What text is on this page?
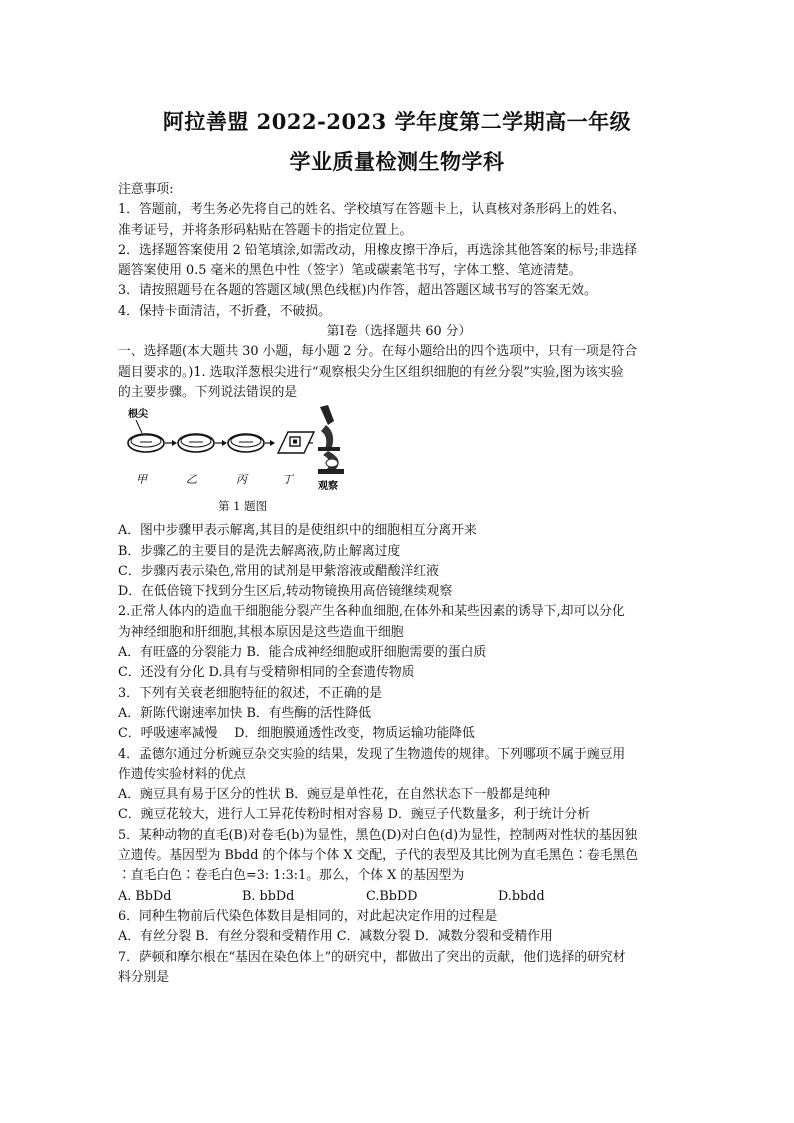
阿拉善盟 2022-2023 学年度第二学期高一年级
学业质量检测生物学科
注意事项:
1．答题前，考生务必先将自己的姓名、学校填写在答题卡上，认真核对条形码上的姓名、
准考证号，并将条形码粘贴在答题卡的指定位置上。
2．选择题答案使用 2 铅笔填涂,如需改动，用橡皮擦干净后，再选涂其他答案的标号;非选择
题答案使用 0.5 毫米的黑色中性（签字）笔或碳素笔书写，字体工整、笔迹清楚。
3．请按照题号在各题的答题区域(黑色线框)内作答，超出答题区域书写的答案无效。
4．保持卡面清洁，不折叠，不破损。
第Ⅰ卷（选择题共 60 分）
一、选择题(本大题共 30 小题，每小题 2 分。在每小题给出的四个选项中，只有一项是符合
题目要求的。)1. 选取洋葱根尖进行“观察根尖分生区组织细胞的有丝分裂”实验,图为该实验
的主要步骤。下列说法错误的是
根尖
甲	乙	丙	丁
观察
第 1 题图
A．图中步骤甲表示解离,其目的是使组织中的细胞相互分离开来
B．步骤乙的主要目的是洗去解离液,防止解离过度
C．步骤丙表示染色,常用的试剂是甲紫溶液或醋酸洋红液
D．在低倍镜下找到分生区后,转动物镜换用高倍镜继续观察
2.正常人体内的造血干细胞能分裂产生各种血细胞,在体外和某些因素的诱导下,却可以分化
为神经细胞和肝细胞,其根本原因是这些造血干细胞
A．有旺盛的分裂能力 B．能合成神经细胞或肝细胞需要的蛋白质
C．还没有分化 D.具有与受精卵相同的全套遗传物质
3．下列有关衰老细胞特征的叙述，不正确的是
A．新陈代谢速率加快 B．有些酶的活性降低
C．呼吸速率减慢　 D．细胞膜通透性改变，物质运输功能降低
4．孟德尔通过分析豌豆杂交实验的结果，发现了生物遗传的规律。下列哪项不属于豌豆用
作遗传实验材料的优点
A．豌豆具有易于区分的性状 B．豌豆是单性花，在自然状态下一般都是纯种
C．豌豆花较大，进行人工异花传粉时相对容易 D．豌豆子代数量多，利于统计分析
5．某种动物的直毛(B)对卷毛(b)为显性，黑色(D)对白色(d)为显性，控制两对性状的基因独
立遗传。基因型为 Bbdd 的个体与个体 X 交配，子代的表型及其比例为直毛黑色∶卷毛黑色
∶直毛白色∶卷毛白色=3: 1:3:1。那么，个体 X 的基因型为
A. BbDd	B. bbDd	C.BbDD	D.bbdd
6．同种生物前后代染色体数目是相同的，对此起决定作用的过程是
A．有丝分裂 B．有丝分裂和受精作用 C．减数分裂 D．减数分裂和受精作用
7．萨顿和摩尔根在“基因在染色体上”的研究中，都做出了突出的贡献，他们选择的研究材
料分别是
